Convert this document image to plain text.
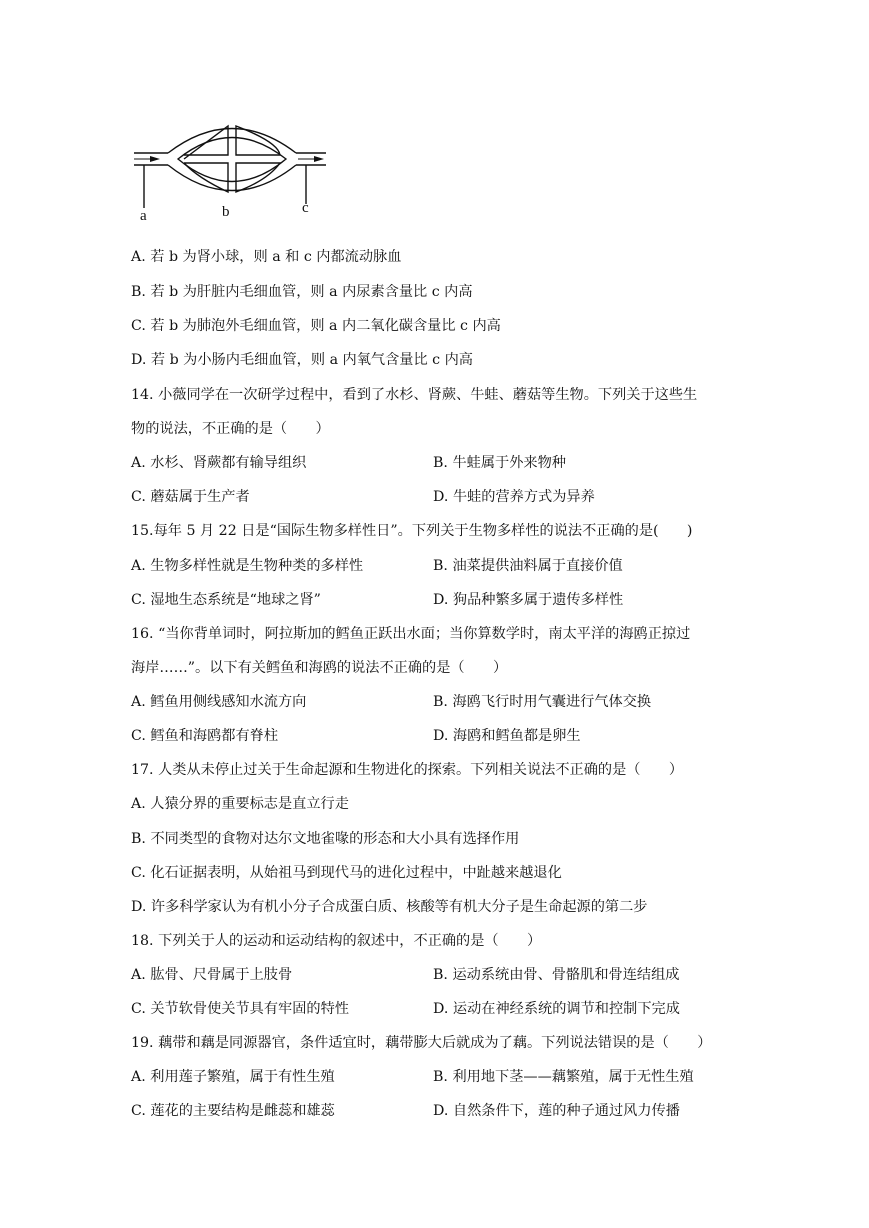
a	b	c
A. 若 b 为肾小球，则 a 和 c 内都流动脉血
B. 若 b 为肝脏内毛细血管，则 a 内尿素含量比 c 内高
C. 若 b 为肺泡外毛细血管，则 a 内二氧化碳含量比 c 内高
D. 若 b 为小肠内毛细血管，则 a 内氧气含量比 c 内高
14. 小薇同学在一次研学过程中，看到了水杉、肾蕨、牛蛙、蘑菇等生物。下列关于这些生
物的说法，不正确的是（　　）
A. 水杉、肾蕨都有输导组织	B. 牛蛙属于外来物种
C. 蘑菇属于生产者	D. 牛蛙的营养方式为异养
15.每年 5 月 22 日是“国际生物多样性日”。下列关于生物多样性的说法不正确的是(　　)
A. 生物多样性就是生物种类的多样性	B. 油菜提供油料属于直接价值
C. 湿地生态系统是“地球之肾”	D. 狗品种繁多属于遗传多样性
16. “当你背单词时，阿拉斯加的鳕鱼正跃出水面；当你算数学时，南太平洋的海鸥正掠过
海岸……”。以下有关鳕鱼和海鸥的说法不正确的是（　　）
A. 鳕鱼用侧线感知水流方向	B. 海鸥飞行时用气囊进行气体交换
C. 鳕鱼和海鸥都有脊柱	D. 海鸥和鳕鱼都是卵生
17. 人类从未停止过关于生命起源和生物进化的探索。下列相关说法不正确的是（　　）
A. 人猿分界的重要标志是直立行走
B. 不同类型的食物对达尔文地雀喙的形态和大小具有选择作用
C. 化石证据表明，从始祖马到现代马的进化过程中，中趾越来越退化
D. 许多科学家认为有机小分子合成蛋白质、核酸等有机大分子是生命起源的第二步
18. 下列关于人的运动和运动结构的叙述中，不正确的是（　　）
A. 肱骨、尺骨属于上肢骨	B. 运动系统由骨、骨骼肌和骨连结组成
C. 关节软骨使关节具有牢固的特性	D. 运动在神经系统的调节和控制下完成
19. 藕带和藕是同源器官，条件适宜时，藕带膨大后就成为了藕。下列说法错误的是（　　）
A. 利用莲子繁殖，属于有性生殖	B. 利用地下茎——藕繁殖，属于无性生殖
C. 莲花的主要结构是雌蕊和雄蕊	D. 自然条件下，莲的种子通过风力传播
